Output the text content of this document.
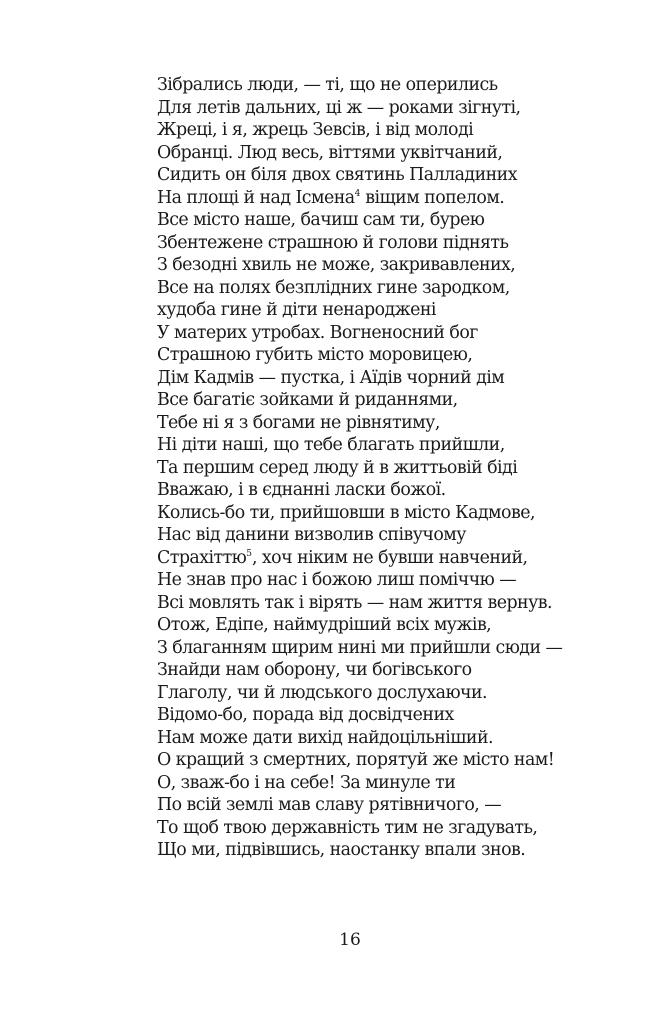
Зібрались люди, — ті, що не оперились
Для летів дальних, ці ж — роками зігнуті,
Жреці, і я, жрець Зевсів, і від молоді
Обранці. Люд весь, віттями уквітчаний,
Сидить он біля двох святинь Палладиних
На площі й над Ісмена$^4$ віщим попелом.
Все місто наше, бачиш сам ти, бурею
Збентежене страшною й голови піднять
З безодні хвиль не може, закривавлених,
Все на полях безплідних гине зародком,
худоба гине й діти ненароджені
У материх утробах. Вогненосний бог
Страшною губить місто моровицею,
Дім Кадмів — пустка, і Аїдів чорний дім
Все багатіє зойками й риданнями,
Тебе ні я з богами не рівнятиму,
Ні діти наші, що тебе благать прийшли,
Та першим серед люду й в життьовій біді
Вважаю, і в єднанні ласки божої.
Колись-бо ти, прийшовши в місто Кадмове,
Нас від данини визволив співучому
Страхіттю$^5$, хоч ніким не бувши навчений,
Не знав про нас і божою лиш поміччю —
Всі мовлять так і вірять — нам життя вернув.
Отож, Едіпе, наймудріший всіх мужів,
З благанням щирим нині ми прийшли сюди —
Знайди нам оборону, чи богівського
Глаголу, чи й людського дослухаючи.
Відомо-бо, порада від досвідчених
Нам може дати вихід найдоцільніший.
О кращий з смертних, порятуй же місто нам!
О, зваж-бо і на себе! За минуле ти
По всій землі мав славу рятівничого, —
То щоб твою державність тим не згадувать,
Що ми, підвівшись, наостанку впали знов.
16
